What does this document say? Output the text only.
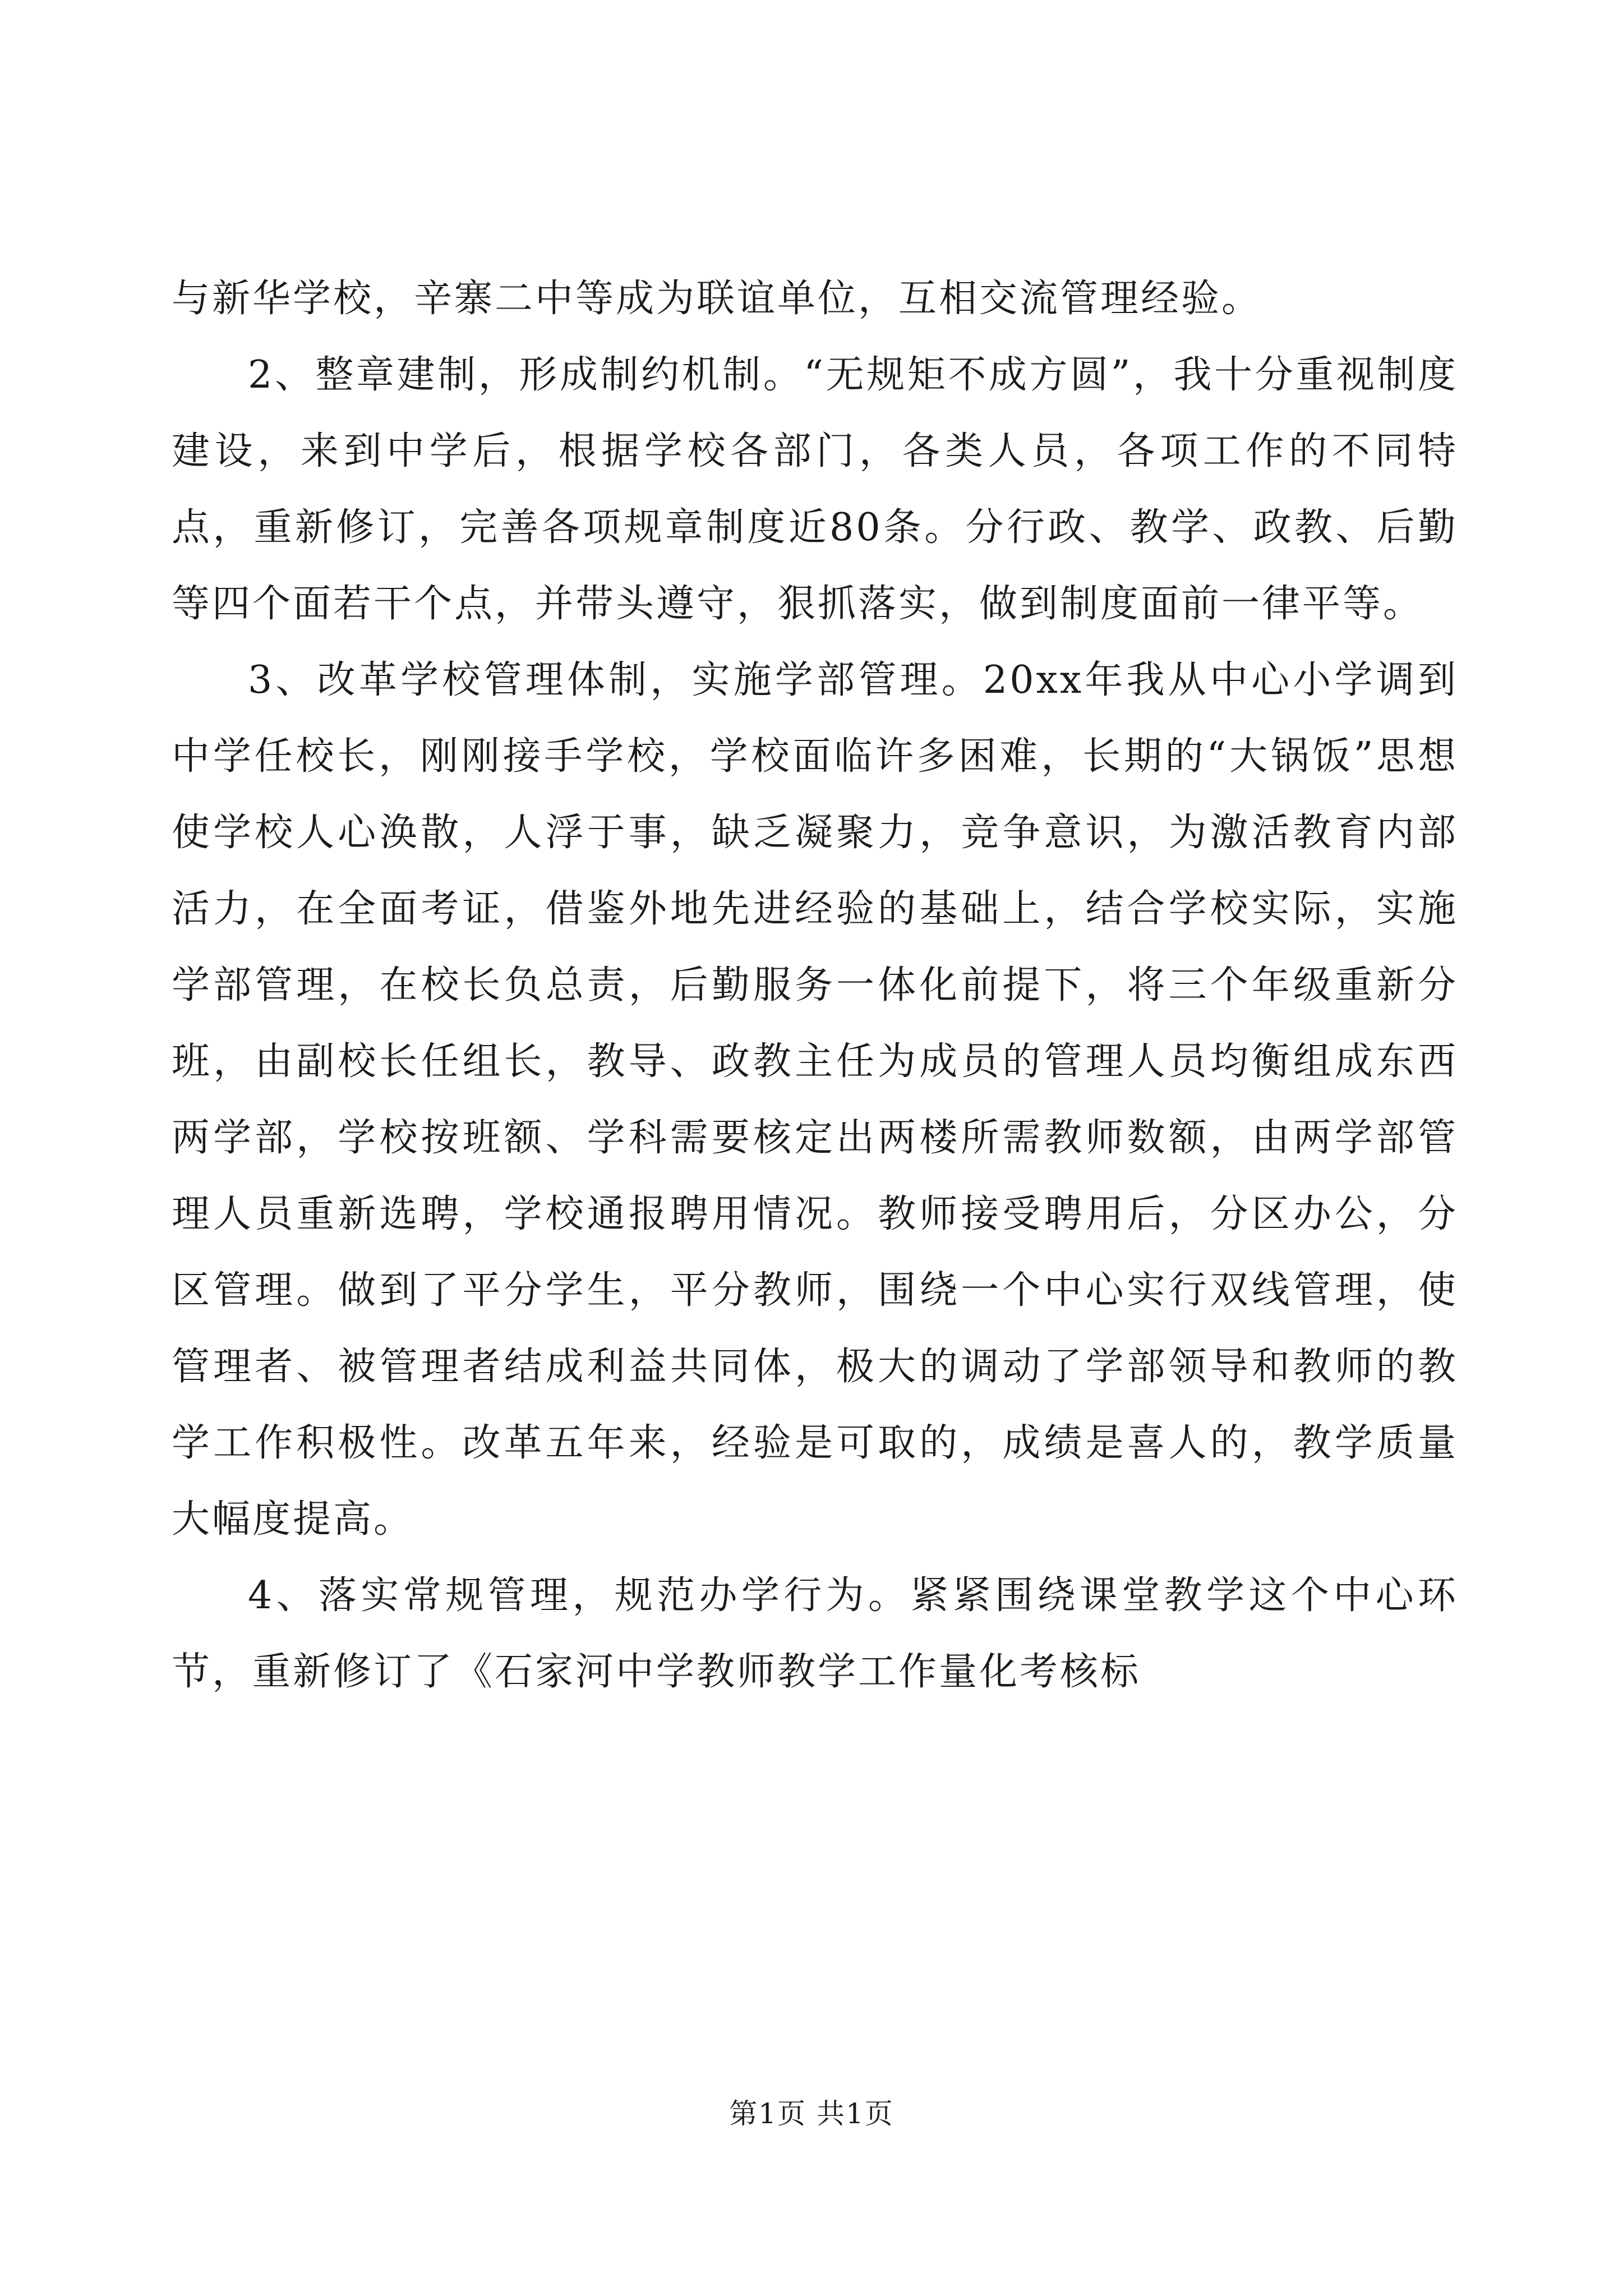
与新华学校，辛寨二中等成为联谊单位，互相交流管理经验。

2、整章建制，形成制约机制。“无规矩不成方圆”，我十分重视制度建设，来到中学后，根据学校各部门，各类人员，各项工作的不同特点，重新修订，完善各项规章制度近80条。分行政、教学、政教、后勤等四个面若干个点，并带头遵守，狠抓落实，做到制度面前一律平等。

3、改革学校管理体制，实施学部管理。20xx年我从中心小学调到中学任校长，刚刚接手学校，学校面临许多困难，长期的“大锅饭”思想使学校人心涣散，人浮于事，缺乏凝聚力，竞争意识，为激活教育内部活力，在全面考证，借鉴外地先进经验的基础上，结合学校实际，实施学部管理，在校长负总责，后勤服务一体化前提下，将三个年级重新分班，由副校长任组长，教导、政教主任为成员的管理人员均衡组成东西两学部，学校按班额、学科需要核定出两楼所需教师数额，由两学部管理人员重新选聘，学校通报聘用情况。教师接受聘用后，分区办公，分区管理。做到了平分学生，平分教师，围绕一个中心实行双线管理，使管理者、被管理者结成利益共同体，极大的调动了学部领导和教师的教学工作积极性。改革五年来，经验是可取的，成绩是喜人的，教学质量大幅度提高。

4、落实常规管理，规范办学行为。紧紧围绕课堂教学这个中心环节，重新修订了《石家河中学教师教学工作量化考核标

第1页 共1页
